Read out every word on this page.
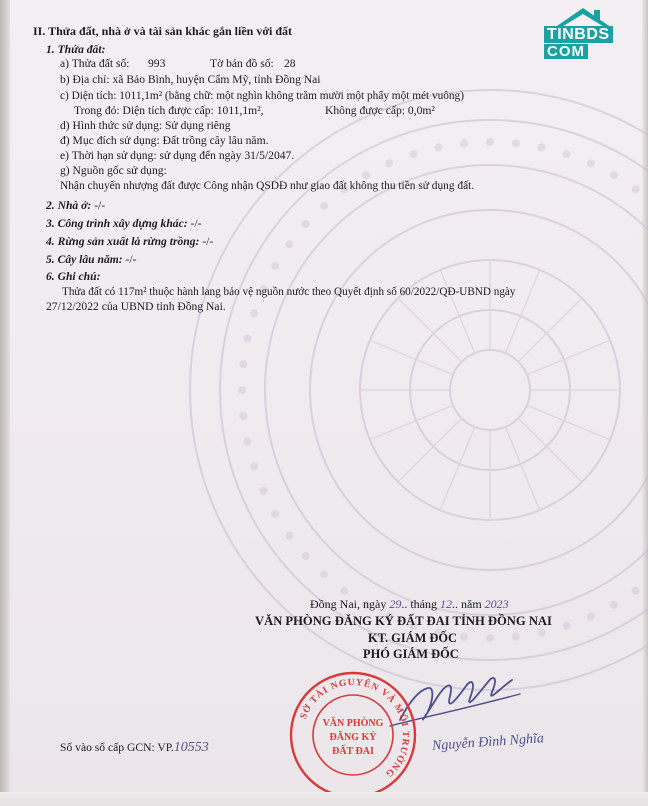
TINBDS
COM
II. Thửa đất, nhà ở và tài sản khác gắn liền với đất
1. Thửa đất:
a) Thửa đất số: 993	Tờ bản đồ số: 28
b) Địa chỉ: xã Bảo Bình, huyện Cẩm Mỹ, tỉnh Đồng Nai
c) Diện tích: 1011,1m² (bằng chữ: một nghìn không trăm mười một phẩy một mét vuông)
Trong đó: Diện tích được cấp: 1011,1m²,	Không được cấp: 0,0m²
d) Hình thức sử dụng: Sử dụng riêng
đ) Mục đích sử dụng: Đất trồng cây lâu năm.
e) Thời hạn sử dụng: sử dụng đến ngày 31/5/2047.
g) Nguồn gốc sử dụng:
Nhận chuyển nhượng đất được Công nhận QSDĐ như giao đất không thu tiền sử dụng đất.
2. Nhà ở: -/-
3. Công trình xây dựng khác: -/-
4. Rừng sản xuất là rừng trồng: -/-
5. Cây lâu năm: -/-
6. Ghi chú:
Thửa đất có 117m² thuộc hành lang bảo vệ nguồn nước theo Quyết định số 60/2022/QĐ-UBND ngày
27/12/2022 của UBND tỉnh Đồng Nai.
Đồng Nai, ngày 29.. tháng 12.. năm 2023
VĂN PHÒNG ĐĂNG KÝ ĐẤT ĐAI TỈNH ĐỒNG NAI
KT. GIÁM ĐỐC
PHÓ GIÁM ĐỐC
SỞ TÀI NGUYÊN VÀ MÔI TRƯỜNG
VĂN PHÒNG
ĐĂNG KÝ
ĐẤT ĐAI	Nguyễn Đình Nghĩa
Số vào sổ cấp GCN: VP.10553
